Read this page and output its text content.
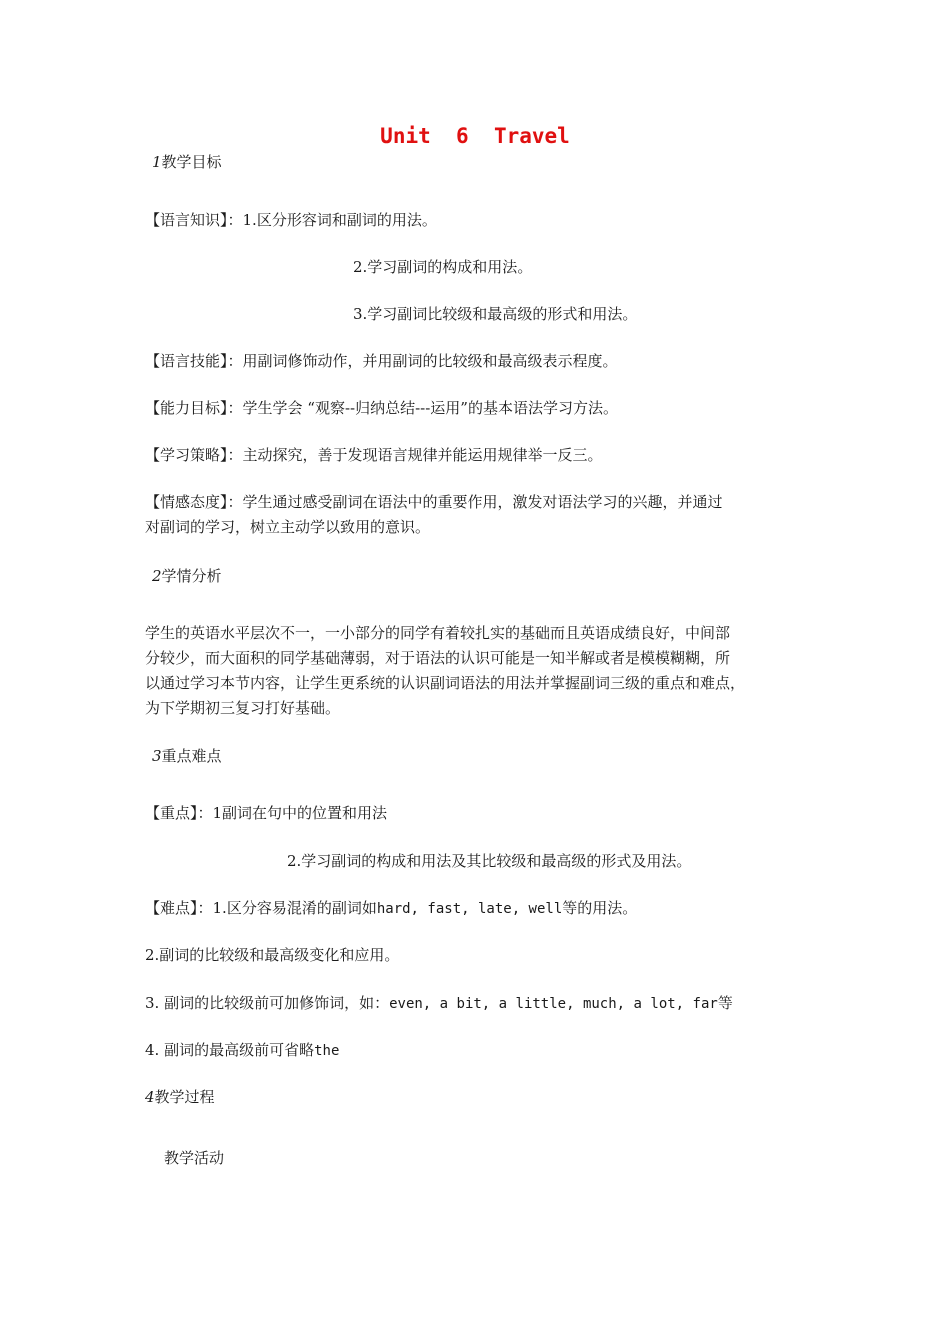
Unit  6  Travel
1教学目标
【语言知识】：1.区分形容词和副词的用法。
2.学习副词的构成和用法。
3.学习副词比较级和最高级的形式和用法。
【语言技能】：用副词修饰动作，并用副词的比较级和最高级表示程度。
【能力目标】：学生学会 “观察--归纳总结---运用”的基本语法学习方法。
【学习策略】：主动探究，善于发现语言规律并能运用规律举一反三。
【情感态度】：学生通过感受副词在语法中的重要作用，激发对语法学习的兴趣，并通过
对副词的学习，树立主动学以致用的意识。
2学情分析
学生的英语水平层次不一，一小部分的同学有着较扎实的基础而且英语成绩良好，中间部
分较少，而大面积的同学基础薄弱，对于语法的认识可能是一知半解或者是模模糊糊，所
以通过学习本节内容，让学生更系统的认识副词语法的用法并掌握副词三级的重点和难点，
为下学期初三复习打好基础。
3重点难点
【重点】：1副词在句中的位置和用法
2.学习副词的构成和用法及其比较级和最高级的形式及用法。
【难点】：1.区分容易混淆的副词如hard, fast, late, well等的用法。
2.副词的比较级和最高级变化和应用。
3. 副词的比较级前可加修饰词，如：even, a bit, a little, much, a lot, far等
4. 副词的最高级前可省略the
4教学过程
教学活动
